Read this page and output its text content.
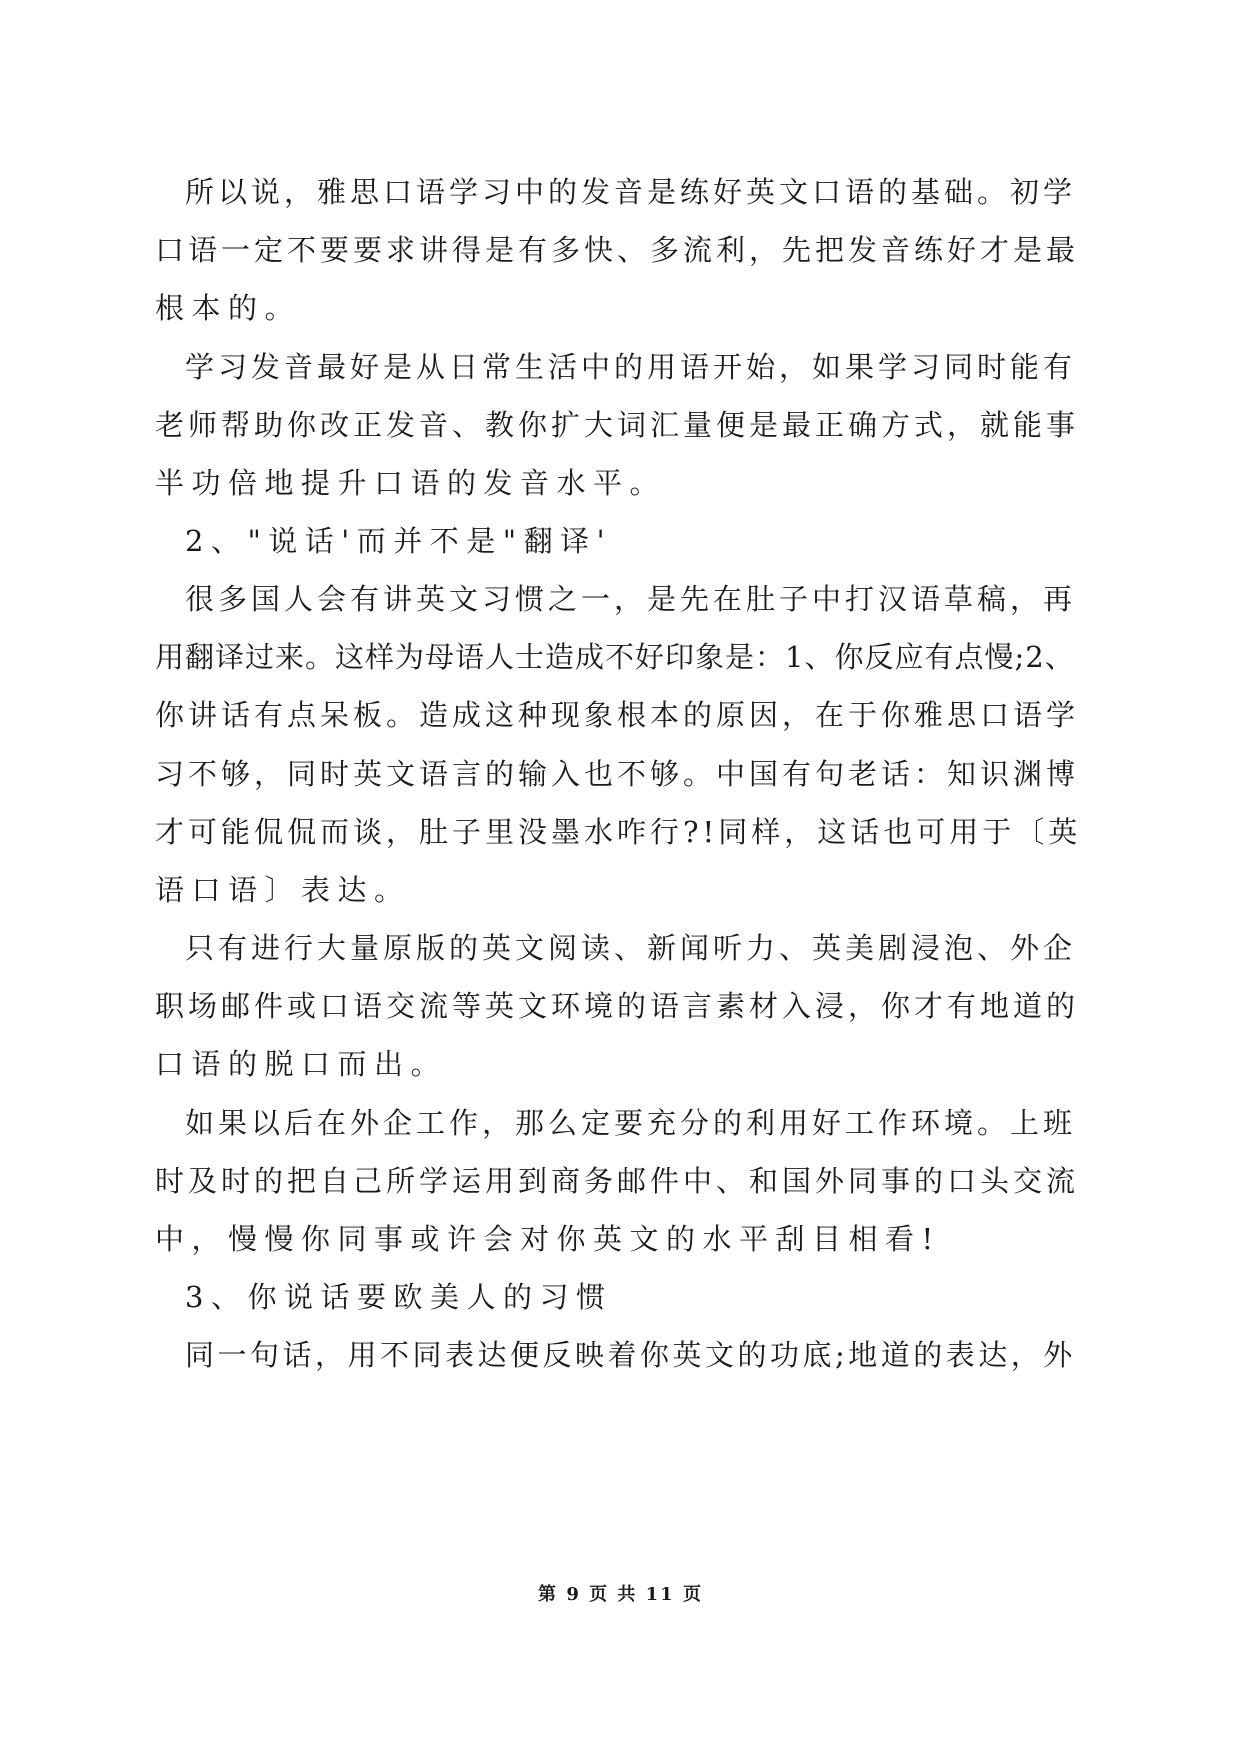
所以说，雅思口语学习中的发音是练好英文口语的基础。初学
口语一定不要要求讲得是有多快、多流利，先把发音练好才是最
根本的。
学习发音最好是从日常生活中的用语开始，如果学习同时能有
老师帮助你改正发音、教你扩大词汇量便是最正确方式，就能事
半功倍地提升口语的发音水平。
2、"说话'而并不是"翻译'
很多国人会有讲英文习惯之一，是先在肚子中打汉语草稿，再
用翻译过来。这样为母语人士造成不好印象是：1、你反应有点慢;2、
你讲话有点呆板。造成这种现象根本的原因，在于你雅思口语学
习不够，同时英文语言的输入也不够。中国有句老话：知识渊博
才可能侃侃而谈，肚子里没墨水咋行?!同样，这话也可用于〔英
语口语〕表达。
只有进行大量原版的英文阅读、新闻听力、英美剧浸泡、外企
职场邮件或口语交流等英文环境的语言素材入浸，你才有地道的
口语的脱口而出。
如果以后在外企工作，那么定要充分的利用好工作环境。上班
时及时的把自己所学运用到商务邮件中、和国外同事的口头交流
中，慢慢你同事或许会对你英文的水平刮目相看!
3、你说话要欧美人的习惯
同一句话，用不同表达便反映着你英文的功底;地道的表达，外
第 9 页 共 11 页
